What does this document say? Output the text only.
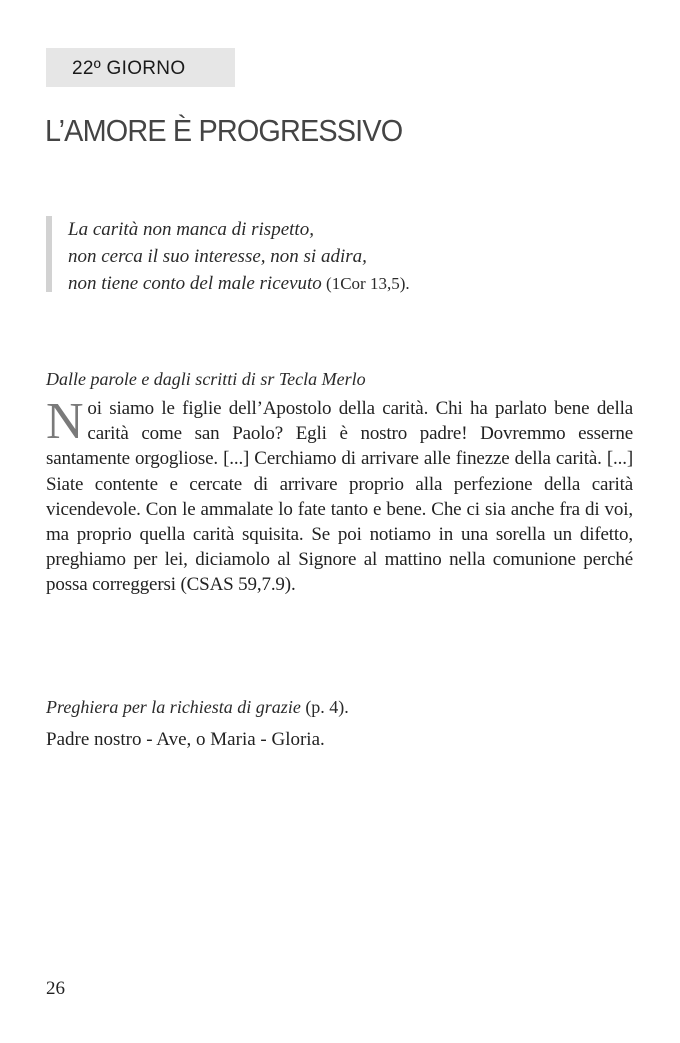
22º GIORNO
L’AMORE È PROGRESSIVO
La carità non manca di rispetto,
non cerca il suo interesse, non si adira,
non tiene conto del male ricevuto (1Cor 13,5).
Dalle parole e dagli scritti di sr Tecla Merlo

Noi siamo le figlie dell’Apostolo della carità. Chi ha parlato bene della carità come san Paolo? Egli è nostro padre! Dovremmo esserne santamente orgogliose. [...] Cerchiamo di arrivare alle finezze della carità. [...] Siate contente e cercate di arrivare proprio alla perfezione della carità vicendevole. Con le ammalate lo fate tanto e bene. Che ci sia anche fra di voi, ma proprio quella carità squisita. Se poi notiamo in una sorella un difetto, preghiamo per lei, diciamolo al Signore al mattino nella comunione perché possa correggersi (CSAS 59,7.9).

Preghiera per la richiesta di grazie (p. 4).
Padre nostro - Ave, o Maria - Gloria.
26
